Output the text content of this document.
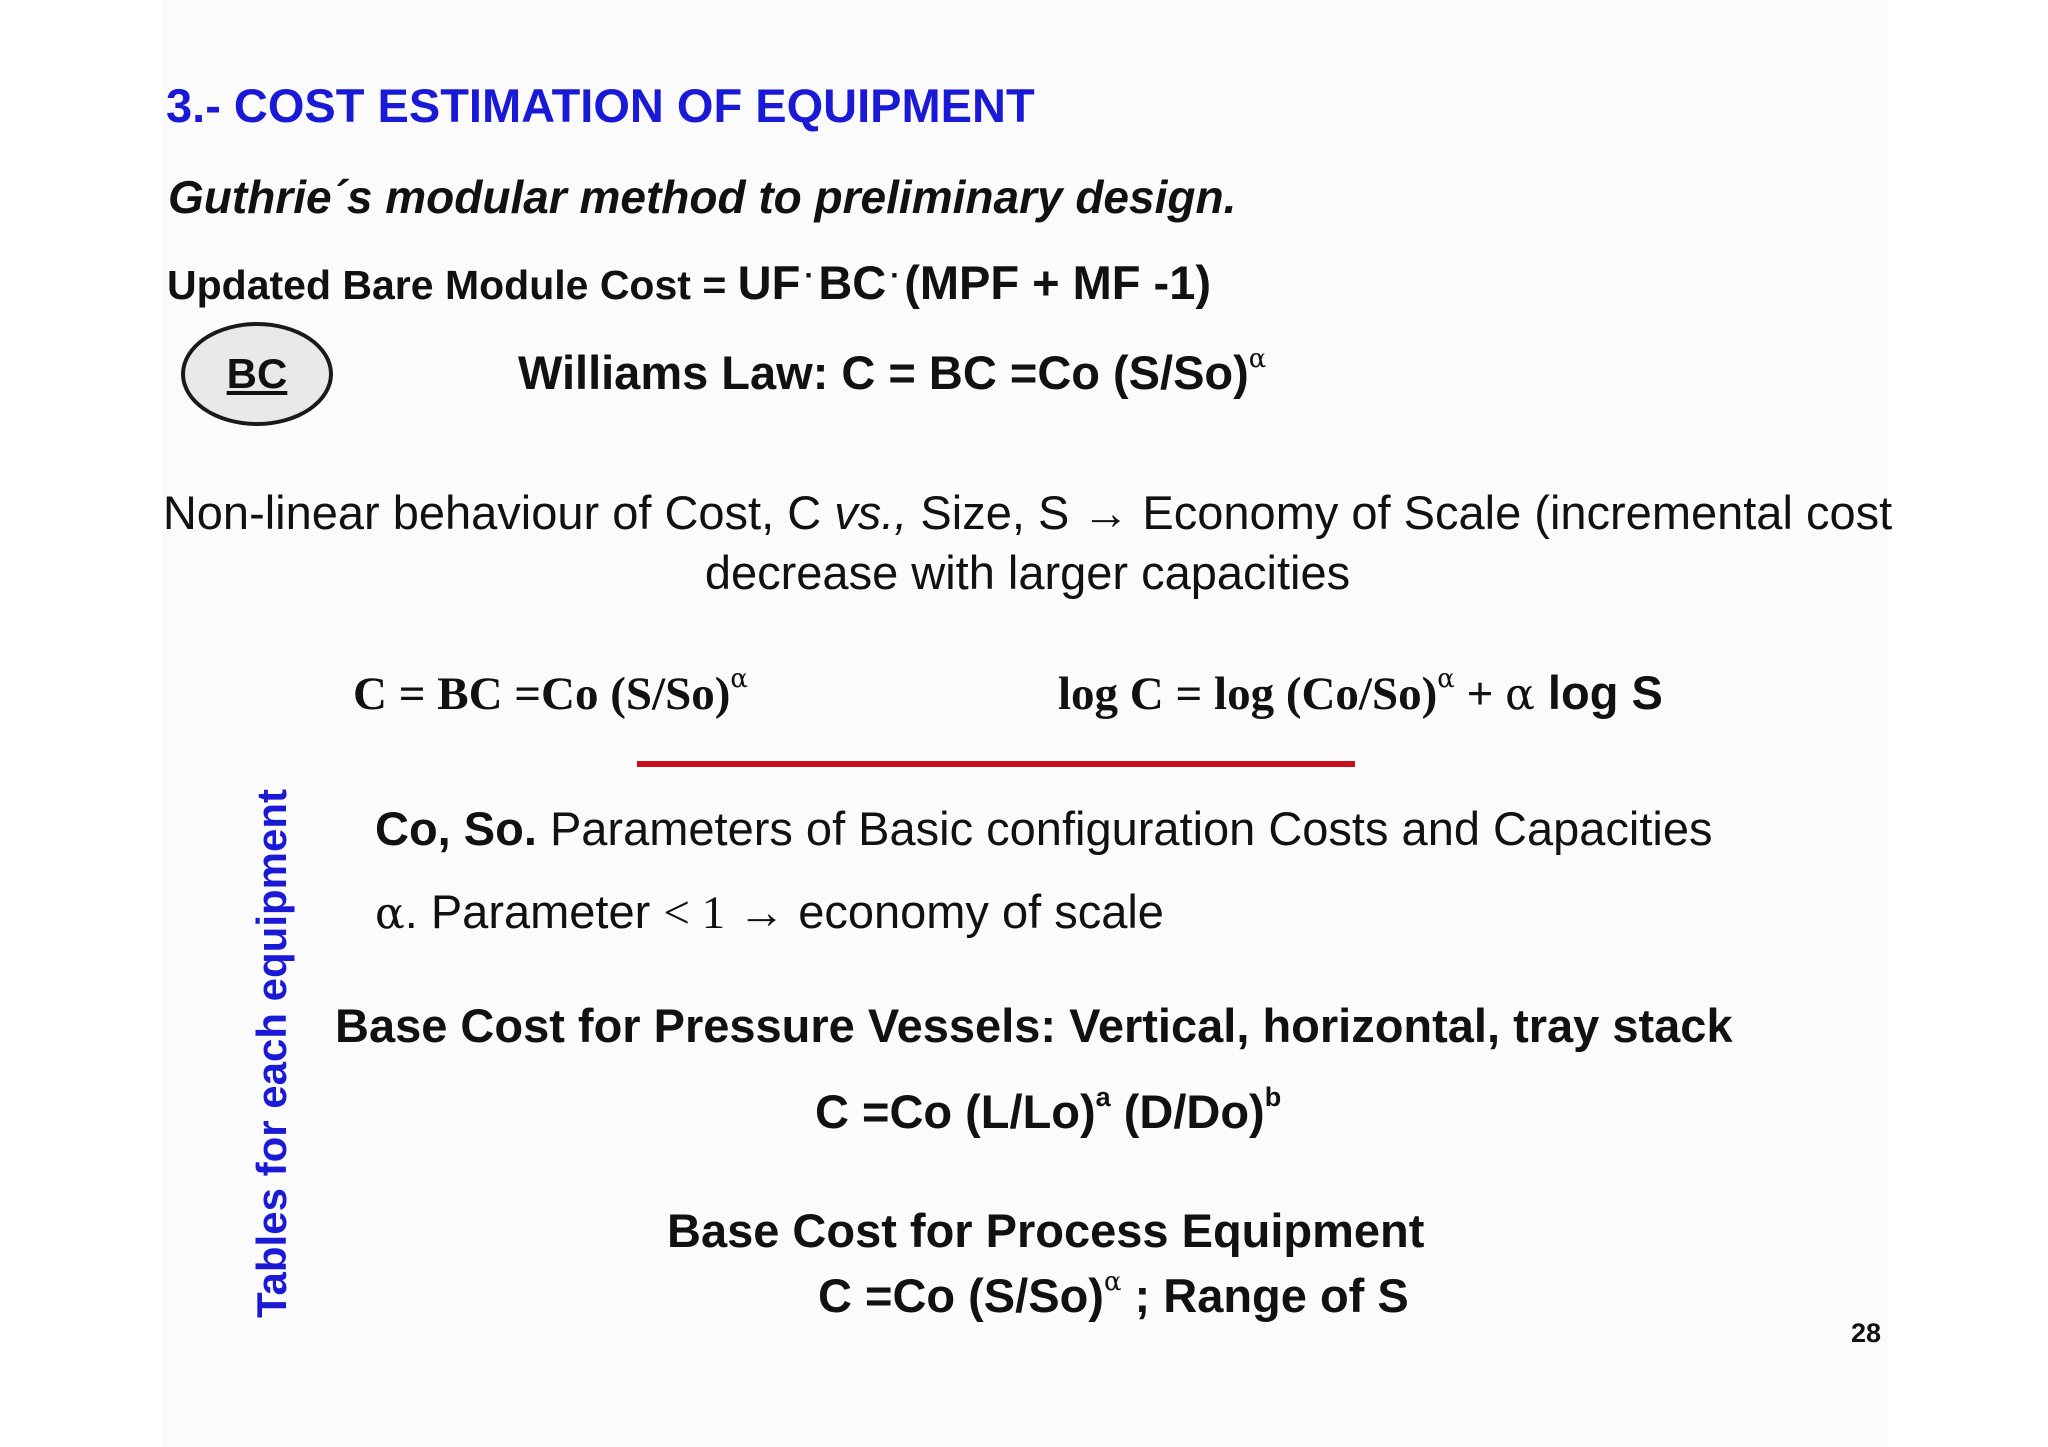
3.- COST ESTIMATION OF EQUIPMENT
Guthrie´s modular method to preliminary design.
Updated Bare Module Cost = UF ·BC ·(MPF + MF -1)
BC	Williams Law: C = BC =Co $(S/So)^\alpha$
Non-linear behaviour of Cost, C vs., Size, S → Economy of Scale (incremental cost decrease with larger capacities
C = BC =Co $(S/So)^\alpha$	$\log C = \log (Co/So)^\alpha + \alpha$ log S
Tables for each equipment Co, So. Parameters of Basic configuration Costs and Capacities
α. Parameter < 1 → economy of scale
Base Cost for Pressure Vessels: Vertical, horizontal, tray stack
C =Co $(L/Lo)^a$ $(D/Do)^b$
Base Cost for Process Equipment
C =Co $(S/So)^\alpha$ ; Range of S
28
